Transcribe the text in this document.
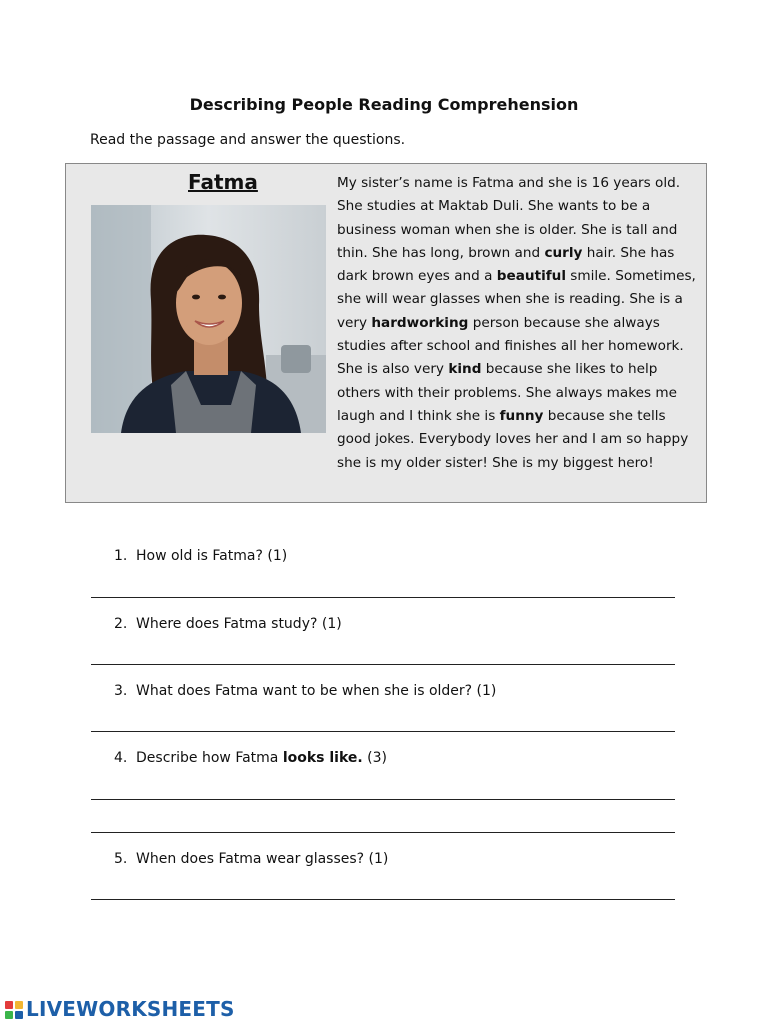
Describing People Reading Comprehension
Read the passage and answer the questions.
Fatma	My sister’s name is Fatma and she is 16 years old. She studies at Maktab Duli. She wants to be a business woman when she is older. She is tall and thin. She has long, brown and curly hair. She has dark brown eyes and a beautiful smile. Sometimes, she will wear glasses when she is reading. She is a very hardworking person because she always studies after school and finishes all her homework. She is also very kind because she likes to help others with their problems. She always makes me laugh and I think she is funny because she tells good jokes. Everybody loves her and I am so happy she is my older sister! She is my biggest hero!
1. How old is Fatma? (1)
2. Where does Fatma study? (1)
3. What does Fatma want to be when she is older? (1)
4. Describe how Fatma looks like. (3)
5. When does Fatma wear glasses? (1)
LIVEWORKSHEETS
